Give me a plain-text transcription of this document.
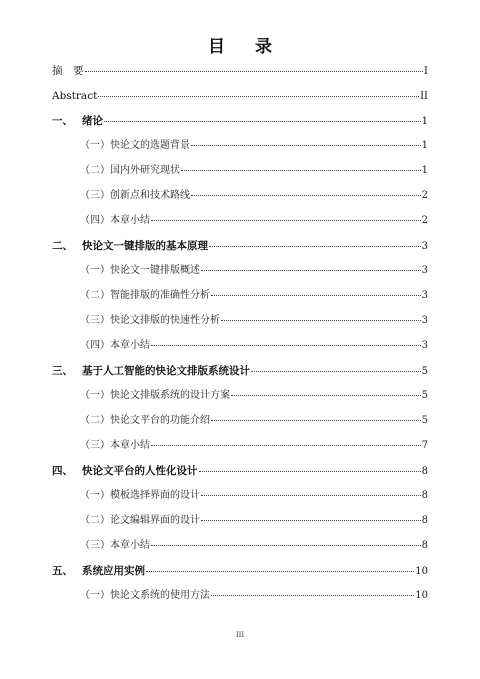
目 录
摘　要	I
Abstract	II
一、 绪论	1
（一）快论文的选题背景	1
（二）国内外研究现状	1
（三）创新点和技术路线	2
（四）本章小结	2
二、 快论文一键排版的基本原理	3
（一）快论文一键排版概述	3
（二）智能排版的准确性分析	3
（三）快论文排版的快速性分析	3
（四）本章小结	3
三、 基于人工智能的快论文排版系统设计	5
（一）快论文排版系统的设计方案	5
（二）快论文平台的功能介绍	5
（三）本章小结	7
四、 快论文平台的人性化设计	8
（一）模板选择界面的设计	8
（二）论文编辑界面的设计	8
（三）本章小结	8
五、 系统应用实例	10
（一）快论文系统的使用方法	10
III
